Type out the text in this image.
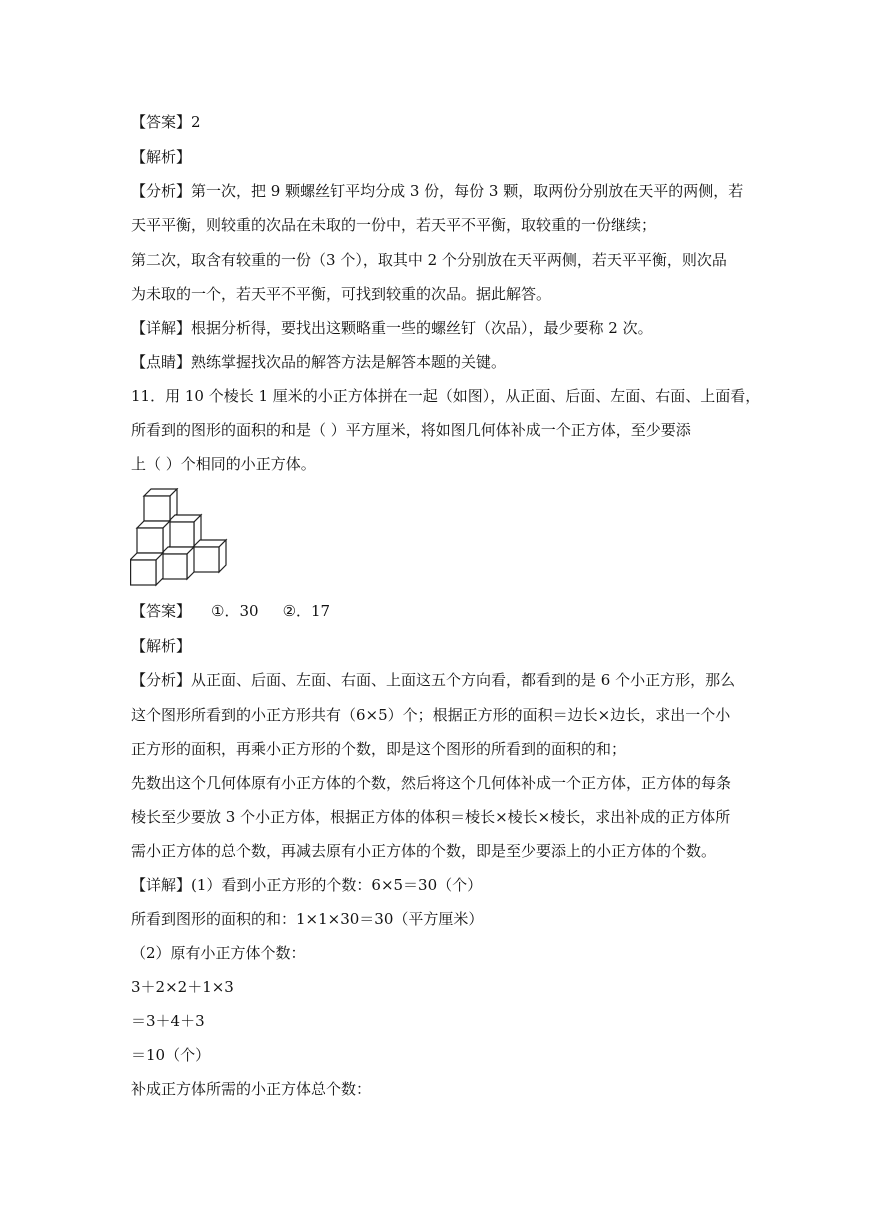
【答案】2
【解析】
【分析】第一次，把 9 颗螺丝钉平均分成 3 份，每份 3 颗，取两份分别放在天平的两侧，若
天平平衡，则较重的次品在未取的一份中，若天平不平衡，取较重的一份继续；
第二次，取含有较重的一份（3 个），取其中 2 个分别放在天平两侧，若天平平衡，则次品
为未取的一个，若天平不平衡，可找到较重的次品。据此解答。
【详解】根据分析得，要找出这颗略重一些的螺丝钉（次品），最少要称 2 次。
【点睛】熟练掌握找次品的解答方法是解答本题的关键。
11．用 10 个棱长 1 厘米的小正方体拼在一起（如图），从正面、后面、左面、右面、上面看，
所看到的图形的面积的和是（ ）平方厘米，将如图几何体补成一个正方体，至少要添
上（ ）个相同的小正方体。
【答案】 ①．30 ②．17
【解析】
【分析】从正面、后面、左面、右面、上面这五个方向看，都看到的是 6 个小正方形，那么
这个图形所看到的小正方形共有（6×5）个；根据正方形的面积＝边长×边长，求出一个小
正方形的面积，再乘小正方形的个数，即是这个图形的所看到的面积的和；
先数出这个几何体原有小正方体的个数，然后将这个几何体补成一个正方体，正方体的每条
棱长至少要放 3 个小正方体，根据正方体的体积＝棱长×棱长×棱长，求出补成的正方体所
需小正方体的总个数，再减去原有小正方体的个数，即是至少要添上的小正方体的个数。
【详解】(1）看到小正方形的个数：6×5＝30（个）
所看到图形的面积的和：1×1×30＝30（平方厘米）
（2）原有小正方体个数：
3＋2×2＋1×3
＝3＋4＋3
＝10（个）
补成正方体所需的小正方体总个数：
